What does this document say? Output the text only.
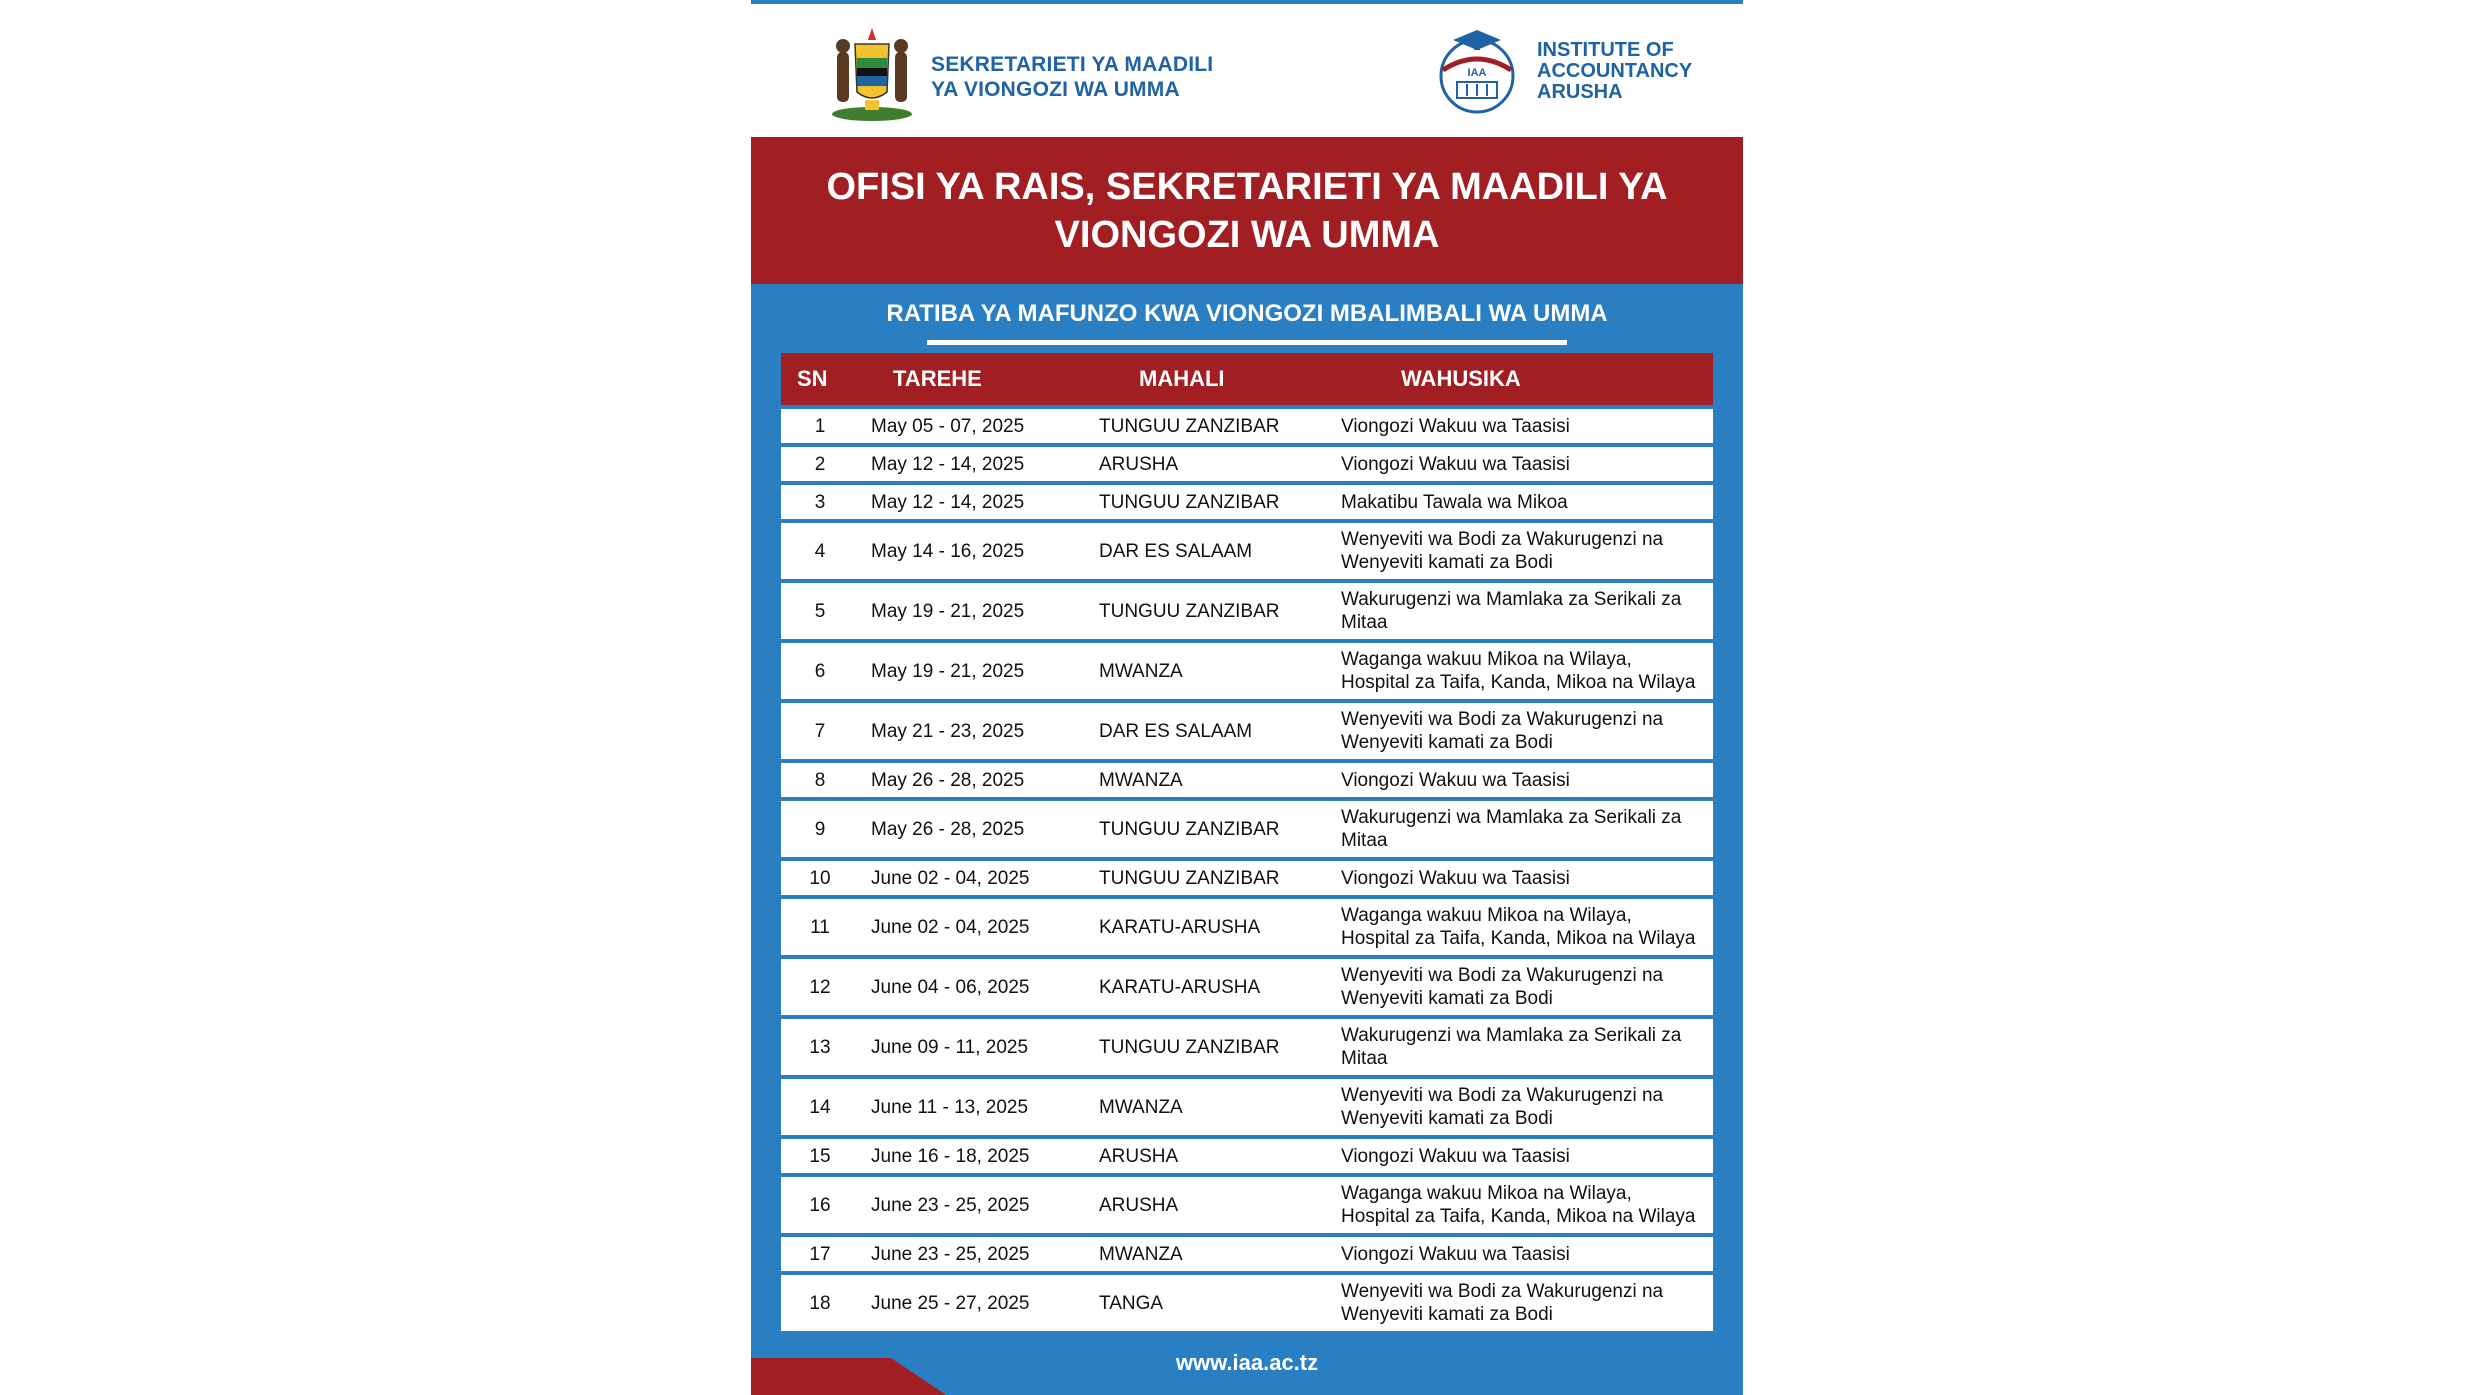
SEKRETARIETI YA MAADILI
YA VIONGOZI WA UMMA
IAA
INSTITUTE OF
ACCOUNTANCY
ARUSHA

OFISI YA RAIS, SEKRETARIETI YA MAADILI YA

VIONGOZI WA UMMA

RATIBA YA MAFUNZO KWA VIONGOZI MBALIMBALI WA UMMA
SN	TAREHE	MAHALI	WAHUSIKA
1	May 05 - 07, 2025	TUNGUU ZANZIBAR	Viongozi Wakuu wa Taasisi

2	May 12 - 14, 2025	ARUSHA	Viongozi Wakuu wa Taasisi

3	May 12 - 14, 2025	TUNGUU ZANZIBAR	Makatibu Tawala wa Mikoa

4	May 14 - 16, 2025	DAR ES SALAAM	Wenyeviti wa Bodi za Wakurugenzi na
Wenyeviti kamati za Bodi

5	May 19 - 21, 2025	TUNGUU ZANZIBAR	Wakurugenzi wa Mamlaka za Serikali za
Mitaa

6	May 19 - 21, 2025	MWANZA	Waganga wakuu Mikoa na Wilaya,
Hospital za Taifa, Kanda, Mikoa na Wilaya

7	May 21 - 23, 2025	DAR ES SALAAM	Wenyeviti wa Bodi za Wakurugenzi na
Wenyeviti kamati za Bodi

8	May 26 - 28, 2025	MWANZA	Viongozi Wakuu wa Taasisi

9	May 26 - 28, 2025	TUNGUU ZANZIBAR	Wakurugenzi wa Mamlaka za Serikali za
Mitaa

10	June 02 - 04, 2025	TUNGUU ZANZIBAR	Viongozi Wakuu wa Taasisi

11	June 02 - 04, 2025	KARATU-ARUSHA	Waganga wakuu Mikoa na Wilaya,
Hospital za Taifa, Kanda, Mikoa na Wilaya

12	June 04 - 06, 2025	KARATU-ARUSHA	Wenyeviti wa Bodi za Wakurugenzi na
Wenyeviti kamati za Bodi

13	June 09 - 11, 2025	TUNGUU ZANZIBAR	Wakurugenzi wa Mamlaka za Serikali za
Mitaa

14	June 11 - 13, 2025	MWANZA	Wenyeviti wa Bodi za Wakurugenzi na
Wenyeviti kamati za Bodi

15	June 16 - 18, 2025	ARUSHA	Viongozi Wakuu wa Taasisi

16	June 23 - 25, 2025	ARUSHA	Waganga wakuu Mikoa na Wilaya,
Hospital za Taifa, Kanda, Mikoa na Wilaya

17	June 23 - 25, 2025	MWANZA	Viongozi Wakuu wa Taasisi

18	June 25 - 27, 2025	TANGA	Wenyeviti wa Bodi za Wakurugenzi na
Wenyeviti kamati za Bodi
www.iaa.ac.tz
